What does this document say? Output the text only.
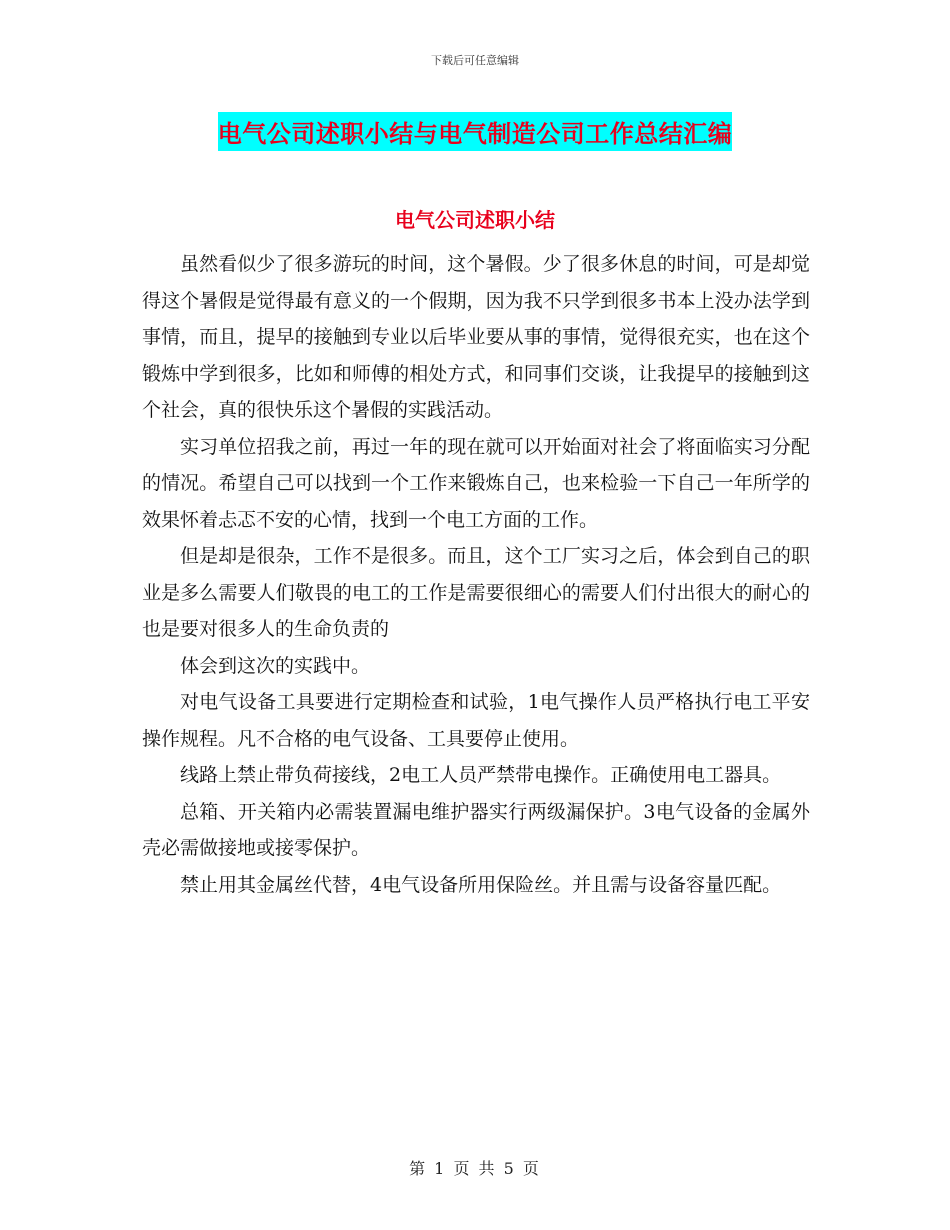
下载后可任意编辑
电气公司述职小结与电气制造公司工作总结汇编
电气公司述职小结

虽然看似少了很多游玩的时间，这个暑假。少了很多休息的时间，可是却觉得这个暑假是觉得最有意义的一个假期，因为我不只学到很多书本上没办法学到事情，而且，提早的接触到专业以后毕业要从事的事情，觉得很充实，也在这个锻炼中学到很多，比如和师傅的相处方式，和同事们交谈，让我提早的接触到这个社会，真的很快乐这个暑假的实践活动。

实习单位招我之前，再过一年的现在就可以开始面对社会了将面临实习分配的情况。希望自己可以找到一个工作来锻炼自己，也来检验一下自己一年所学的效果怀着忐忑不安的心情，找到一个电工方面的工作。

但是却是很杂，工作不是很多。而且，这个工厂实习之后，体会到自己的职业是多么需要人们敬畏的电工的工作是需要很细心的需要人们付出很大的耐心的也是要对很多人的生命负责的

体会到这次的实践中。

对电气设备工具要进行定期检查和试验，1电气操作人员严格执行电工平安操作规程。凡不合格的电气设备、工具要停止使用。

线路上禁止带负荷接线，2电工人员严禁带电操作。正确使用电工器具。

总箱、开关箱内必需装置漏电维护器实行两级漏保护。3电气设备的金属外壳必需做接地或接零保护。

禁止用其金属丝代替，4电气设备所用保险丝。并且需与设备容量匹配。

第 1 页 共 5 页
